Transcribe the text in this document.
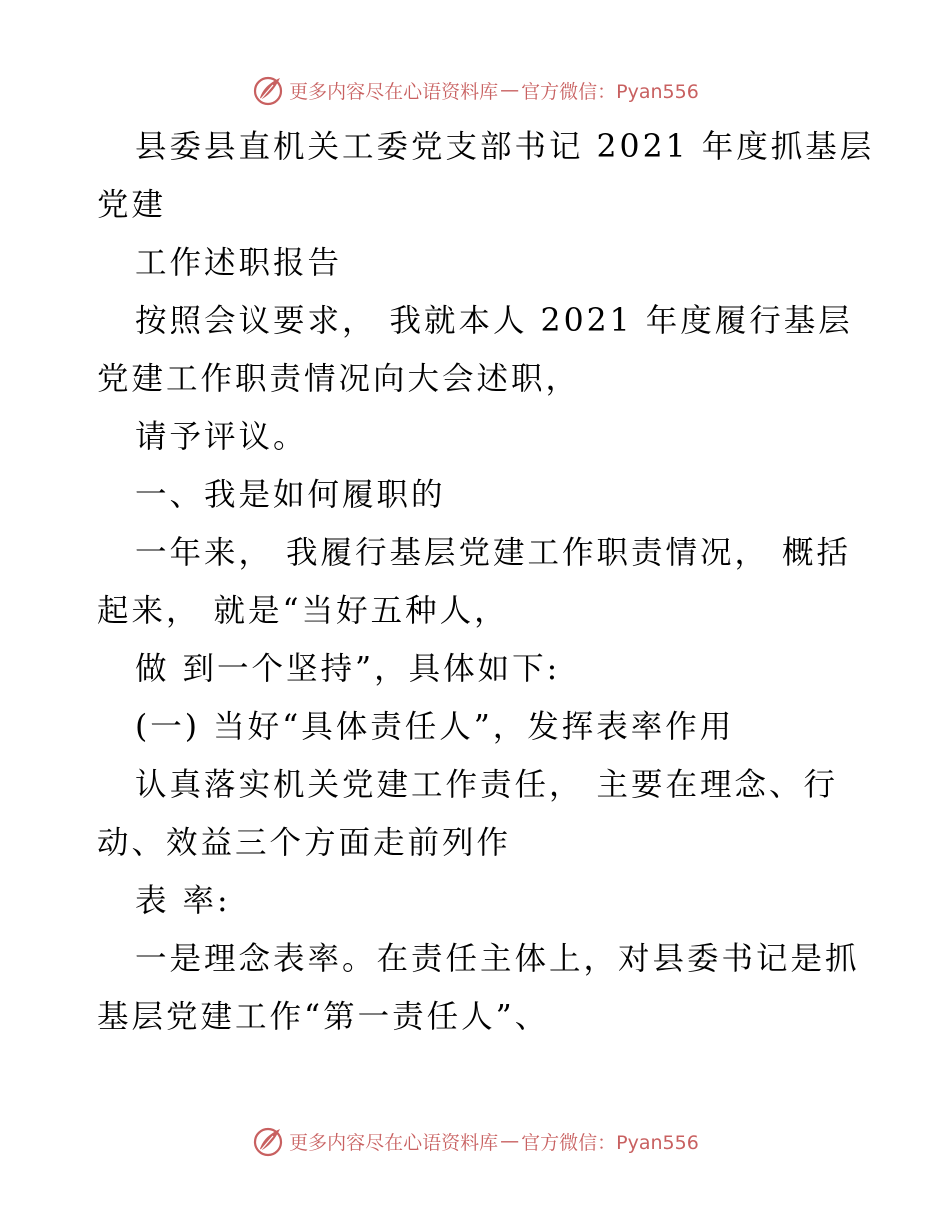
更多内容尽在心语资料库 — 官方微信：Pyan556
县委县直机关工委党支部书记 2021 年度抓基层
党建
工作述职报告
按照会议要求， 我就本人 2021 年度履行基层
党建工作职责情况向大会述职，
请予评议。
一、我是如何履职的
一年来， 我履行基层党建工作职责情况， 概括
起来， 就是“当好五种人，
做 到一个坚持”，具体如下:
(一) 当好“具体责任人”，发挥表率作用
认真落实机关党建工作责任， 主要在理念、行
动、效益三个方面走前列作
表 率:
一是理念表率。在责任主体上，对县委书记是抓
基层党建工作“第一责任人”、
更多内容尽在心语资料库 — 官方微信：Pyan556
